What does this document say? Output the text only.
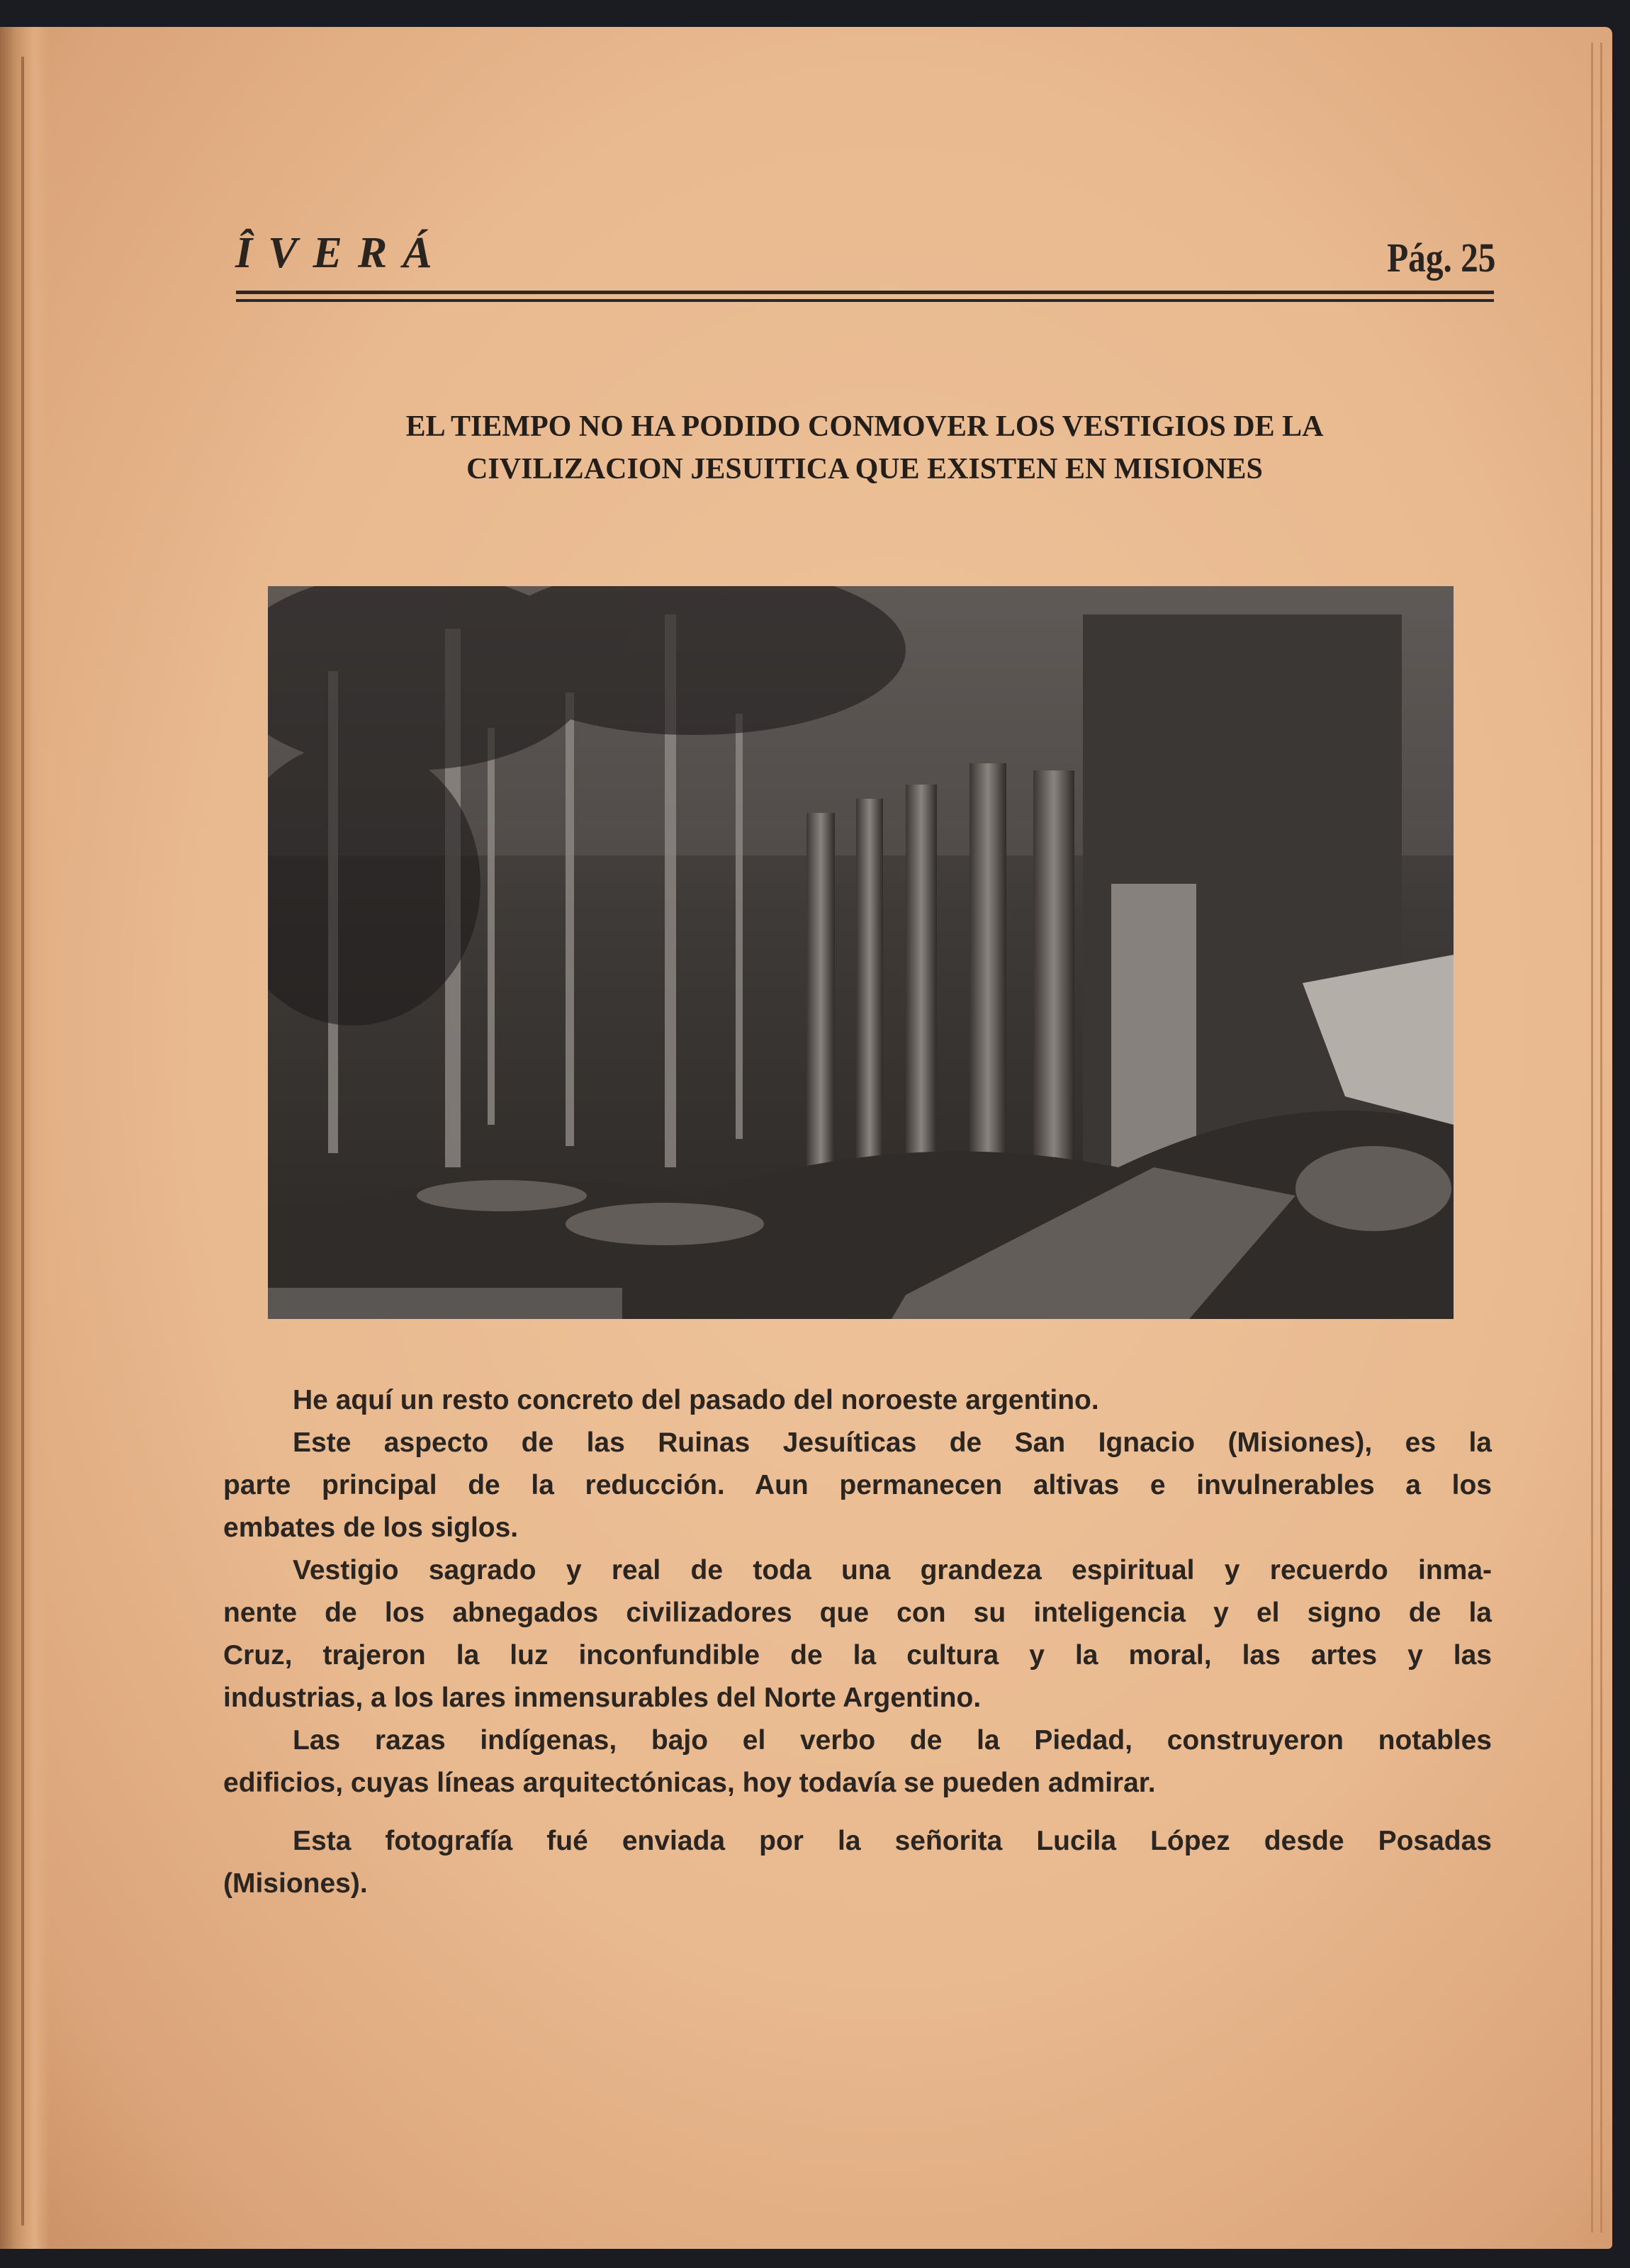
ÎVERÁ	Pág. 25
EL TIEMPO NO HA PODIDO CONMOVER LOS VESTIGIOS DE LA
CIVILIZACION JESUITICA QUE EXISTEN EN MISIONES
He aquí un resto concreto del pasado del noroeste argentino.
Este aspecto de las Ruinas Jesuíticas de San Ignacio (Misiones), es la
parte principal de la reducción. Aun permanecen altivas e invulnerables a los
embates de los siglos.
Vestigio sagrado y real de toda una grandeza espiritual y recuerdo inma-
nente de los abnegados civilizadores que con su inteligencia y el signo de la
Cruz, trajeron la luz inconfundible de la cultura y la moral, las artes y las
industrias, a los lares inmensurables del Norte Argentino.
Las razas indígenas, bajo el verbo de la Piedad, construyeron notables
edificios, cuyas líneas arquitectónicas, hoy todavía se pueden admirar.
Esta fotografía fué enviada por la señorita Lucila López desde Posadas
(Misiones).
